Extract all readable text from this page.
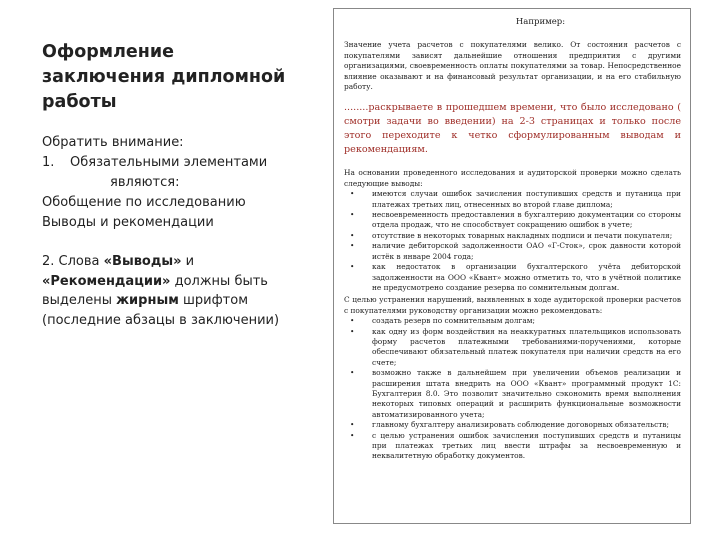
Оформление
заключения дипломной
работы
Обратить внимание:
1. Обязательными элементами
являются:
Обобщение по исследованию
Выводы и рекомендации
2. Слова «Выводы» и
«Рекомендации» должны быть
выделены жирным шрифтом
(последние абзацы в заключении)
Например:

Значение учета расчетов с покупателями велико. От состояния расчетов с покупателями зависят дальнейшие отношения предприятия с другими организациями, своевременность оплаты покупателями за товар. Непосредственное влияние оказывают и на финансовый результат организации, и на его стабильную работу.

........раскрываете в прошедшем времени, что было исследовано ( смотри задачи во введении) на 2-3 страницах и только после этого переходите к четко сформулированным выводам и рекомендациям.

На основании проведенного исследования и аудиторской проверки можно сделать следующие выводы:

• имеются случаи ошибок зачисления поступивших средств и путаница при платежах третьих лиц, отнесенных во второй главе диплома;
• несвоевременность предоставления в бухгалтерию документации со стороны отдела продаж, что не способствует сокращению ошибок в учете;
• отсутствие в некоторых товарных накладных подписи и печати покупателя;
• наличие дебиторской задолженности ОАО «Г-Сток», срок давности которой истёк в январе 2004 года;
• как недостаток в организации бухгалтерского учёта дебиторской задолженности на ООО «Квант» можно отметить то, что в учётной политике не предусмотрено создание резерва по сомнительным долгам.

С целью устранения нарушений, выявленных в ходе аудиторской проверки расчетов с покупателями руководству организации можно рекомендовать:

• создать резерв по сомнительным долгам;
• как одну из форм воздействия на неаккуратных плательщиков использовать форму расчетов платежными требованиями-поручениями, которые обеспечивают обязательный платеж покупателя при наличии средств на его счете;
• возможно также в дальнейшем при увеличении объемов реализации и расширения штата внедрить на ООО «Квант» программный продукт 1С: Бухгалтерия 8.0. Это позволит значительно сэкономить время выполнения некоторых типовых операций и расширить функциональные возможности автоматизированного учета;
• главному бухгалтеру анализировать соблюдение договорных обязательств;
• с целью устранения ошибок зачисления поступивших средств и путаницы при платежах третьих лиц ввести штрафы за несвоевременную и неквалитетную обработку документов.
